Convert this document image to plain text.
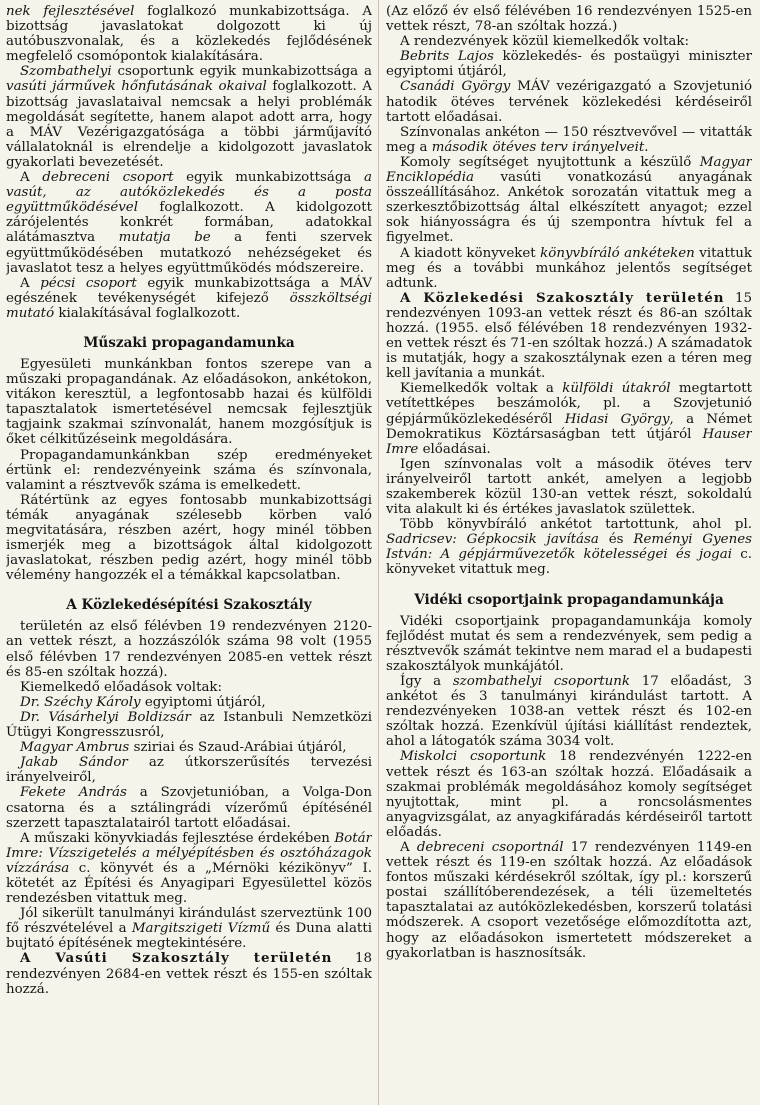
nek fejlesztésével foglalkozó munkabizottsága. A bizottság javaslatokat dolgozott ki új autóbuszvonalak, és a közlekedés fejlődésének megfelelő csomópontok kialakítására.

Szombathelyi csoportunk egyik munkabizottsága a vasúti járművek hőnfutásának okaival foglalkozott. A bizottság javaslataival nemcsak a helyi problémák megoldását segítette, hanem alapot adott arra, hogy a MÁV Vezérigazgatósága a többi járműjavító vállalatoknál is elrendelje a kidolgozott javaslatok gyakorlati bevezetését.

A debreceni csoport egyik munkabizottsága a vasút, az autóközlekedés és a posta együttműködésével foglalkozott. A kidolgozott zárójelentés konkrét formában, adatokkal alátámasztva mutatja be a fenti szervek együttműködésében mutatkozó nehézségeket és javaslatot tesz a helyes együttműködés módszereire.

A pécsi csoport egyik munkabizottsága a MÁV egészének tevékenységét kifejező összköltségi mutató kialakításával foglalkozott.

Műszaki propagandamunka

Egyesületi munkánkban fontos szerepe van a műszaki propagandának. Az előadásokon, ankétokon, vitákon keresztül, a legfontosabb hazai és külföldi tapasztalatok ismertetésével nemcsak fejlesztjük tagjaink szakmai színvonalát, hanem mozgósítjuk is őket célkitűzéseink megoldására.

Propagandamunkánkban szép eredményeket értünk el: rendezvényeink száma és színvonala, valamint a résztvevők száma is emelkedett.

Rátértünk az egyes fontosabb munkabizottsági témák anyagának szélesebb körben való megvitatására, részben azért, hogy minél többen ismerjék meg a bizottságok által kidolgozott javaslatokat, részben pedig azért, hogy minél több vélemény hangozzék el a témákkal kapcsolatban.

A Közlekedésépítési Szakosztály

területén az első félévben 19 rendezvényen 2120-an vettek részt, a hozzászólók száma 98 volt (1955 első félévben 17 rendezvényen 2085-en vettek részt és 85-en szóltak hozzá).

Kiemelkedő előadások voltak:

Dr. Széchy Károly egyiptomi útjáról,

Dr. Vásárhelyi Boldizsár az Istanbuli Nemzetközi Útügyi Kongresszusról,

Magyar Ambrus sziriai és Szaud-Arábiai útjáról,

Jakab Sándor az útkorszerűsítés tervezési irányelveiről,

Fekete András a Szovjetunióban, a Volga-Don csatorna és a sztálingrádi vízerőmű építésénél szerzett tapasztalatairól tartott előadásai.

A műszaki könyvkiadás fejlesztése érdekében Botár Imre: Vízszigetelés a mélyépítésben és osztóházagok vízzárása c. könyvét és a „Mérnöki kézikönyv” I. kötetét az Építési és Anyagipari Egyesülettel közös rendezésben vitattuk meg.

Jól sikerült tanulmányi kirándulást szerveztünk 100 fő részvételével a Margitszigeti Vízmű és Duna alatti bujtató építésének megtekintésére.

A Vasúti Szakosztály területén 18 rendezvényen 2684-en vettek részt és 155-en szóltak hozzá.

(Az előző év első félévében 16 rendezvényen 1525-en vettek részt, 78-an szóltak hozzá.)

A rendezvények közül kiemelkedők voltak:

Bebrits Lajos közlekedés- és postaügyi miniszter egyiptomi útjáról,

Csanádi György MÁV vezérigazgató a Szovjetunió hatodik ötéves tervének közlekedési kérdéseiről tartott előadásai.

Színvonalas ankéton — 150 résztvevővel — vitatták meg a második ötéves terv irányelveit.

Komoly segítséget nyujtottunk a készülő Magyar Enciklopédia vasúti vonatkozású anyagának összeállításához. Ankétok sorozatán vitattuk meg a szerkesztőbizottság által elkészített anyagot; ezzel sok hiányosságra és új szempontra hívtuk fel a figyelmet.

A kiadott könyveket könyvbíráló ankéteken vitattuk meg és a további munkához jelentős segítséget adtunk.

A Közlekedési Szakosztály területén 15 rendezvényen 1093-an vettek részt és 86-an szóltak hozzá. (1955. első félévében 18 rendezvényen 1932-en vettek részt és 71-en szóltak hozzá.) A számadatok is mutatják, hogy a szakosztálynak ezen a téren meg kell javítania a munkát.

Kiemelkedők voltak a külföldi útakról megtartott vetítettképes beszámolók, pl. a Szovjetunió gépjárműközlekedéséről Hidasi György, a Német Demokratikus Köztársaságban tett útjáról Hauser Imre előadásai.

Igen színvonalas volt a második ötéves terv irányelveiről tartott ankét, amelyen a legjobb szakemberek közül 130-an vettek részt, sokoldalú vita alakult ki és értékes javaslatok születtek.

Több könyvbíráló ankétot tartottunk, ahol pl. Sadricsev: Gépkocsik javítása és Reményi Gyenes István: A gépjárművezetők kötelességei és jogai c. könyveket vitattuk meg.

Vidéki csoportjaink propagandamunkája

Vidéki csoportjaink propagandamunkája komoly fejlődést mutat és sem a rendezvények, sem pedig a résztvevők számát tekintve nem marad el a budapesti szakosztályok munkájától.

Így a szombathelyi csoportunk 17 előadást, 3 ankétot és 3 tanulmányi kirándulást tartott. A rendezvényeken 1038-an vettek részt és 102-en szóltak hozzá. Ezenkívül újítási kiállítást rendeztek, ahol a látogatók száma 3034 volt.

Miskolci csoportunk 18 rendezvényén 1222-en vettek részt és 163-an szóltak hozzá. Előadásaik a szakmai problémák megoldásához komoly segítséget nyujtottak, mint pl. a roncsolásmentes anyagvizsgálat, az anyagkifáradás kérdéseiről tartott előadás.

A debreceni csoportnál 17 rendezvényen 1149-en vettek részt és 119-en szóltak hozzá. Az előadások fontos műszaki kérdésekről szóltak, így pl.: korszerű postai szállítóberendezések, a téli üzemeltetés tapasztalatai az autóközlekedésben, korszerű tolatási módszerek. A csoport vezetősége előmozdította azt, hogy az előadásokon ismertetett módszereket a gyakorlatban is hasznosítsák.
